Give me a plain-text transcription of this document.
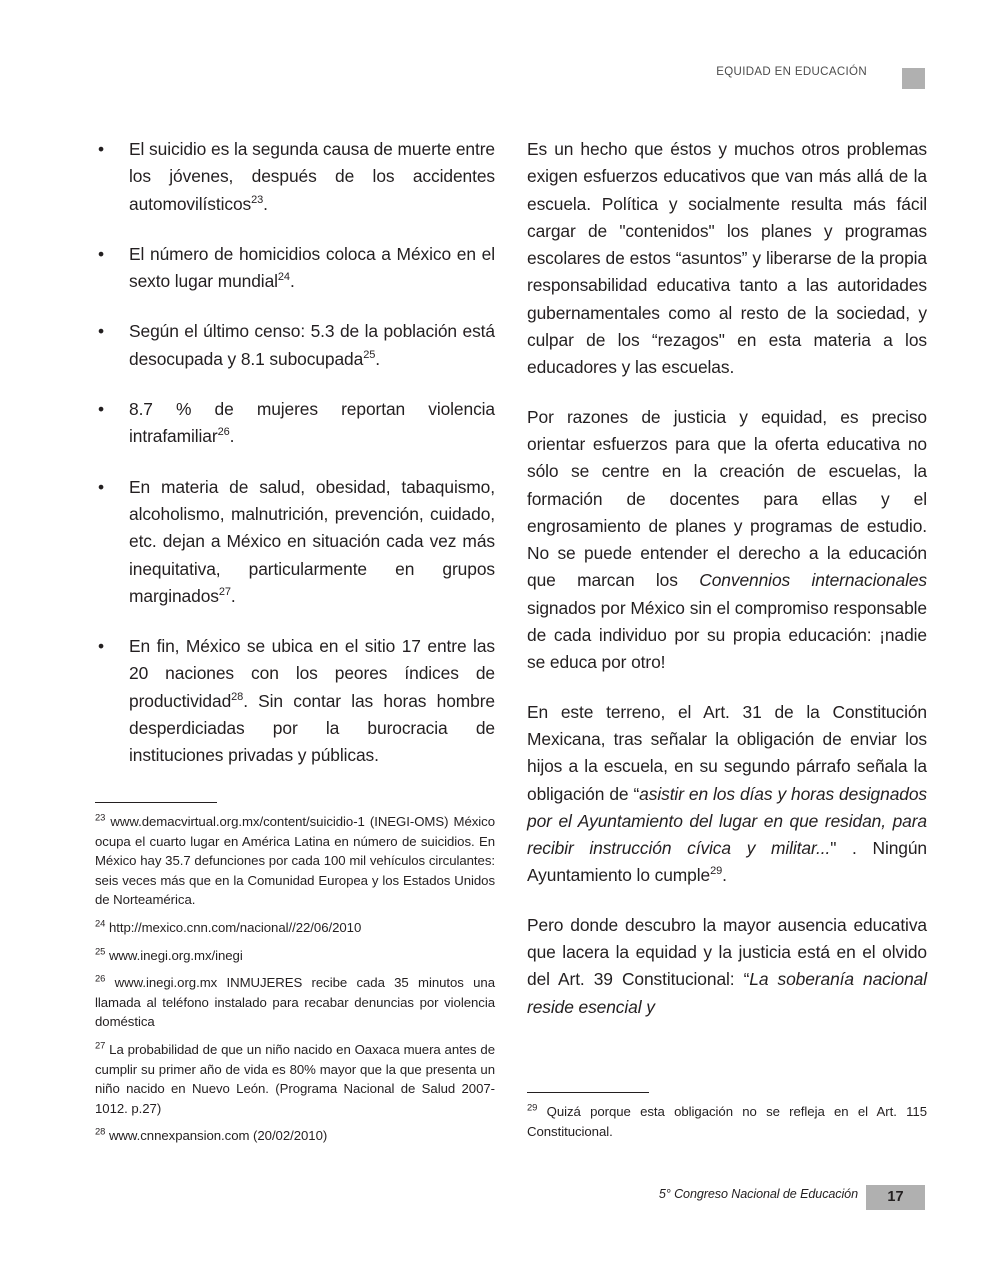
EQUIDAD EN EDUCACIÓN
• El suicidio es la segunda causa de muerte entre los jóvenes, después de los accidentes automovilísticos$^{23}$.
• El número de homicidios coloca a México en el sexto lugar mundial$^{24}$.
• Según el último censo: 5.3 de la población está desocupada y 8.1 subocupada$^{25}$.
• 8.7 % de mujeres reportan violencia intrafamiliar$^{26}$.
• En materia de salud, obesidad, tabaquismo, alcoholismo, malnutrición, prevención, cuidado, etc. dejan a México en situación cada vez más inequitativa, particularmente en grupos marginados$^{27}$.
• En fin, México se ubica en el sitio 17 entre las 20 naciones con los peores índices de productividad$^{28}$. Sin contar las horas hombre desperdiciadas por la burocracia de instituciones privadas y públicas.

$^{23}$ www.demacvirtual.org.mx/content/suicidio-1 (INEGI-OMS) México ocupa el cuarto lugar en América Latina en número de suicidios. En México hay 35.7 defunciones por cada 100 mil vehículos circulantes: seis veces más que en la Comunidad Europea y los Estados Unidos de Norteamérica.

$^{24}$ http://mexico.cnn.com/nacional//22/06/2010

$^{25}$ www.inegi.org.mx/inegi

$^{26}$ www.inegi.org.mx INMUJERES recibe cada 35 minutos una llamada al teléfono instalado para recabar denuncias por violencia doméstica

$^{27}$ La probabilidad de que un niño nacido en Oaxaca muera antes de cumplir su primer año de vida es 80% mayor que la que presenta un niño nacido en Nuevo León. (Programa Nacional de Salud 2007-1012. p.27)

$^{28}$ www.cnnexpansion.com (20/02/2010)

Es un hecho que éstos y muchos otros problemas exigen esfuerzos educativos que van más allá de la escuela. Política y socialmente resulta más fácil cargar de "contenidos" los planes y programas escolares de estos “asuntos” y liberarse de la propia responsabilidad educativa tanto a las autoridades gubernamentales como al resto de la sociedad, y culpar de los “rezagos" en esta materia a los educadores y las escuelas.

Por razones de justicia y equidad, es preciso orientar esfuerzos para que la oferta educativa no sólo se centre en la creación de escuelas, la formación de docentes para ellas y el engrosamiento de planes y programas de estudio. No se puede entender el derecho a la educación que marcan los Convennios internacionales signados por México sin el compromiso responsable de cada individuo por su propia educación: ¡nadie se educa por otro!

En este terreno, el Art. 31 de la Constitución Mexicana, tras señalar la obligación de enviar los hijos a la escuela, en su segundo párrafo señala la obligación de “asistir en los días y horas designados por el Ayuntamiento del lugar en que residan, para recibir instrucción cívica y militar..." . Ningún Ayuntamiento lo cumple$^{29}$.

Pero donde descubro la mayor ausencia educativa que lacera la equidad y la justicia está en el olvido del Art. 39 Constitucional: “La soberanía nacional reside esencial y

$^{29}$ Quizá porque esta obligación no se refleja en el Art. 115 Constitucional.

5° Congreso Nacional de Educación	17
